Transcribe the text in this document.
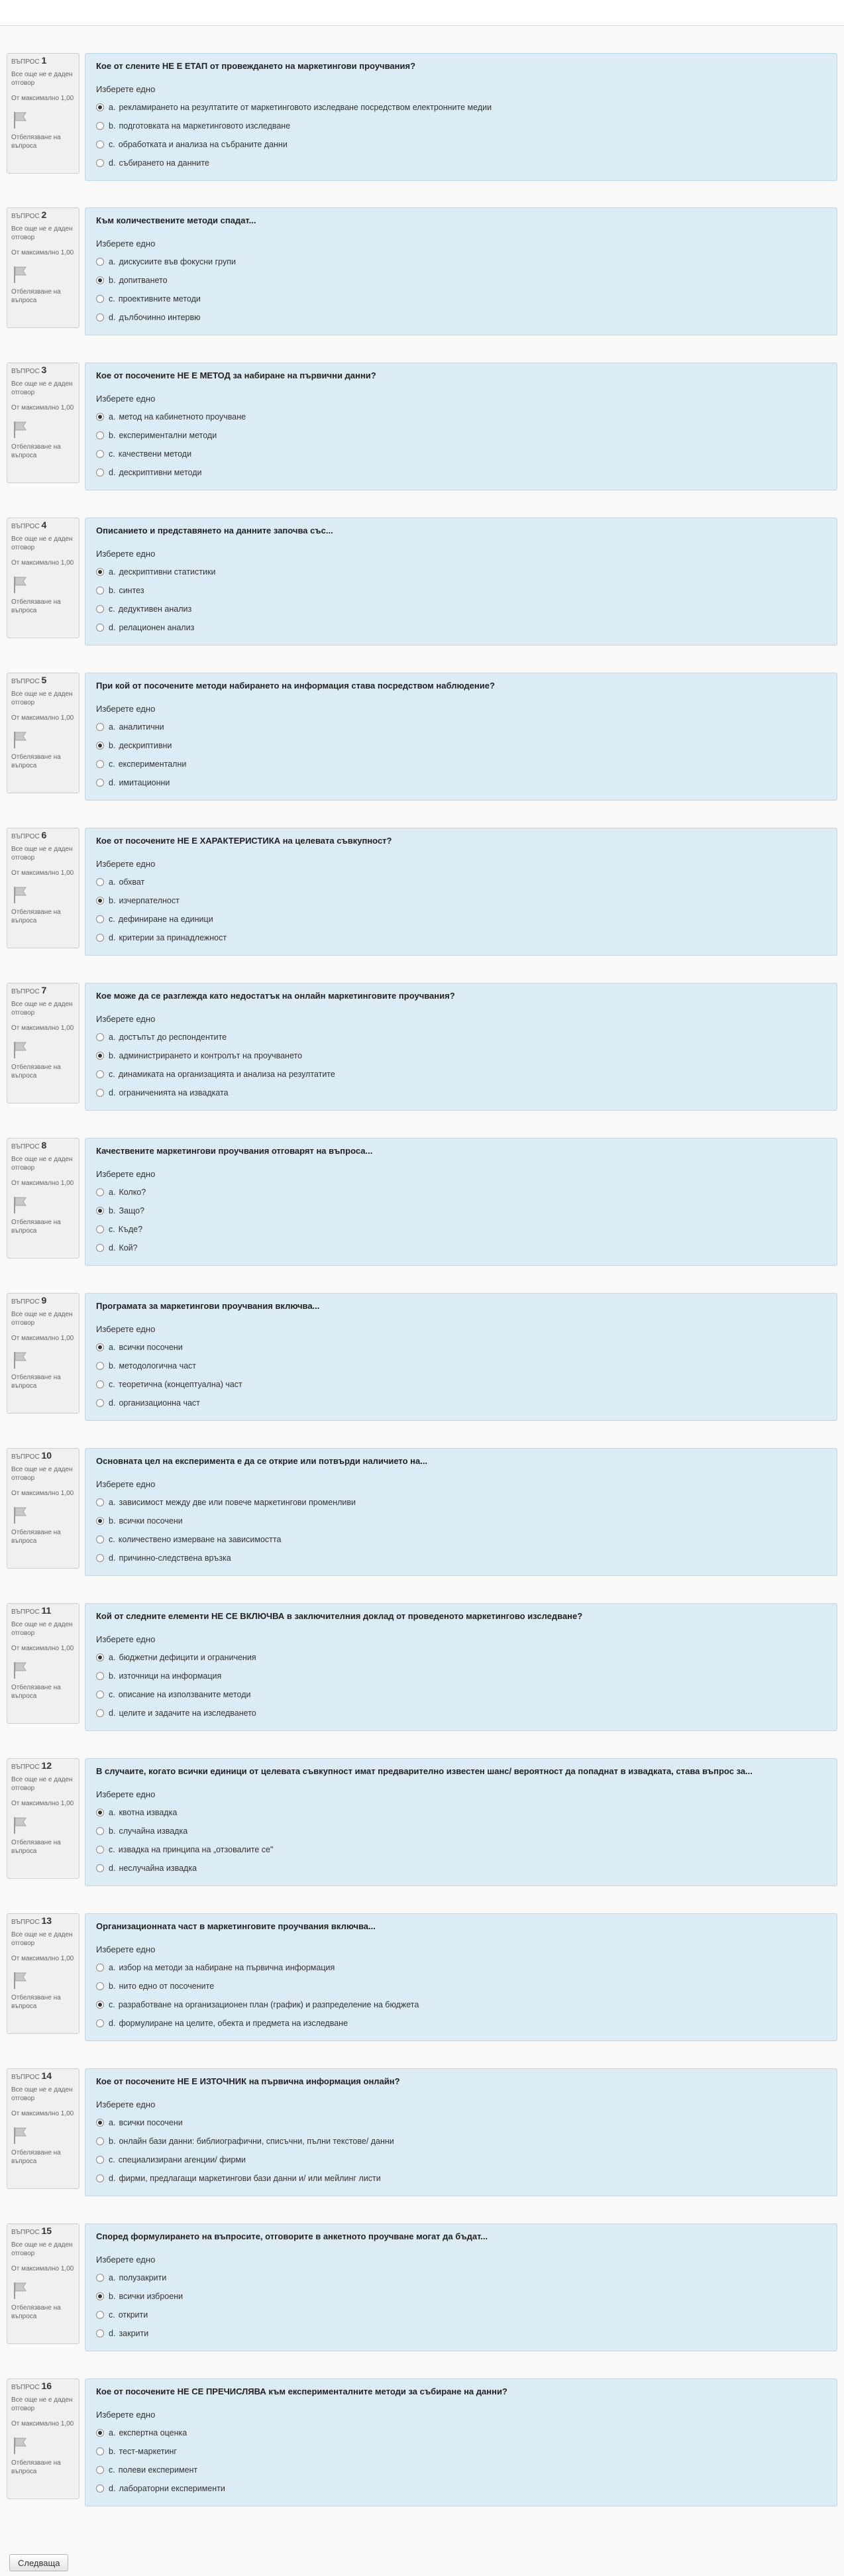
ВЪПРОС 1
Все още не е даден отговор
От максимално 1,00
Отбелязване на въпроса
Кое от слените НЕ Е ЕТАП от провеждането на маркетингови проучвания?
Изберете едно
a. рекламирането на резултатите от маркетинговото изследване посредством електронните медии
b. подготовката на маркетинговото изследване
c. обработката и анализа на събраните данни
d. събирането на данните
ВЪПРОС 2
Все още не е даден отговор
От максимално 1,00
Отбелязване на въпроса
Към количествените методи спадат...
Изберете едно
a. дискусиите във фокусни групи
b. допитването
c. проективните методи
d. дълбочинно интервю
ВЪПРОС 3
Все още не е даден отговор
От максимално 1,00
Отбелязване на въпроса
Кое от посочените НЕ Е МЕТОД за набиране на първични данни?
Изберете едно
a. метод на кабинетното проучване
b. експериментални методи
c. качествени методи
d. дескриптивни методи
ВЪПРОС 4
Все още не е даден отговор
От максимално 1,00
Отбелязване на въпроса
Описанието и представянето на данните започва със...
Изберете едно
a. дескриптивни статистики
b. синтез
c. дедуктивен анализ
d. релационен анализ
ВЪПРОС 5
Все още не е даден отговор
От максимално 1,00
Отбелязване на въпроса
При кой от посочените методи набирането на информация става посредством наблюдение?
Изберете едно
a. аналитични
b. дескриптивни
c. експериментални
d. имитационни
ВЪПРОС 6
Все още не е даден отговор
От максимално 1,00
Отбелязване на въпроса
Кое от посочените НЕ Е ХАРАКТЕРИСТИКА на целевата съвкупност?
Изберете едно
a. обхват
b. изчерпателност
c. дефиниране на единици
d. критерии за принадлежност
ВЪПРОС 7
Все още не е даден отговор
От максимално 1,00
Отбелязване на въпроса
Кое може да се разглежда като недостатък на онлайн маркетинговите проучвания?
Изберете едно
a. достъпът до респондентите
b. администрирането и контролът на проучването
c. динамиката на организацията и анализа на резултатите
d. ограниченията на извадката
ВЪПРОС 8
Все още не е даден отговор
От максимално 1,00
Отбелязване на въпроса
Качествените маркетингови проучвания отговарят на въпроса...
Изберете едно
a. Колко?
b. Защо?
c. Къде?
d. Кой?
ВЪПРОС 9
Все още не е даден отговор
От максимално 1,00
Отбелязване на въпроса
Програмата за маркетингови проучвания включва...
Изберете едно
a. всички посочени
b. методологична част
c. теоретична (концептуална) част
d. организационна част
ВЪПРОС 10
Все още не е даден отговор
От максимално 1,00
Отбелязване на въпроса
Основната цел на експеримента е да се открие или потвърди наличието на...
Изберете едно
a. зависимост между две или повече маркетингови променливи
b. всички посочени
c. количествено измерване на зависимостта
d. причинно-следствена връзка
ВЪПРОС 11
Все още не е даден отговор
От максимално 1,00
Отбелязване на въпроса
Кой от следните елементи НЕ СЕ ВКЛЮЧВА в заключителния доклад от проведеното маркетингово изследване?
Изберете едно
a. бюджетни дефицити и ограничения
b. източници на информация
c. описание на използваните методи
d. целите и задачите на изследването
ВЪПРОС 12
Все още не е даден отговор
От максимално 1,00
Отбелязване на въпроса
В случаите, когато всички единици от целевата съвкупност имат предварително известен шанс/ вероятност да попаднат в извадката, става въпрос за...
Изберете едно
a. квотна извадка
b. случайна извадка
c. извадка на принципа на „отзовалите се"
d. неслучайна извадка
ВЪПРОС 13
Все още не е даден отговор
От максимално 1,00
Отбелязване на въпроса
Организационната част в маркетинговите проучвания включва...
Изберете едно
a. избор на методи за набиране на първична информация
b. нито едно от посочените
c. разработване на организационен план (график) и разпределение на бюджета
d. формулиране на целите, обекта и предмета на изследване
ВЪПРОС 14
Все още не е даден отговор
От максимално 1,00
Отбелязване на въпроса
Кое от посочените НЕ Е ИЗТОЧНИК на първична информация онлайн?
Изберете едно
a. всички посочени
b. онлайн бази данни: библиографични, списъчни, пълни текстове/ данни
c. специализирани агенции/ фирми
d. фирми, предлагащи маркетингови бази данни и/ или мейлинг листи
ВЪПРОС 15
Все още не е даден отговор
От максимално 1,00
Отбелязване на въпроса
Според формулирането на въпросите, отговорите в анкетното проучване могат да бъдат...
Изберете едно
a. полузакрити
b. всички изброени
c. открити
d. закрити
ВЪПРОС 16
Все още не е даден отговор
От максимално 1,00
Отбелязване на въпроса
Кое от посочените НЕ СЕ ПРЕЧИСЛЯВА към експерименталните методи за събиране на данни?
Изберете едно
a. експертна оценка
b. тест-маркетинг
c. полеви експеримент
d. лабораторни експерименти
Следваща
